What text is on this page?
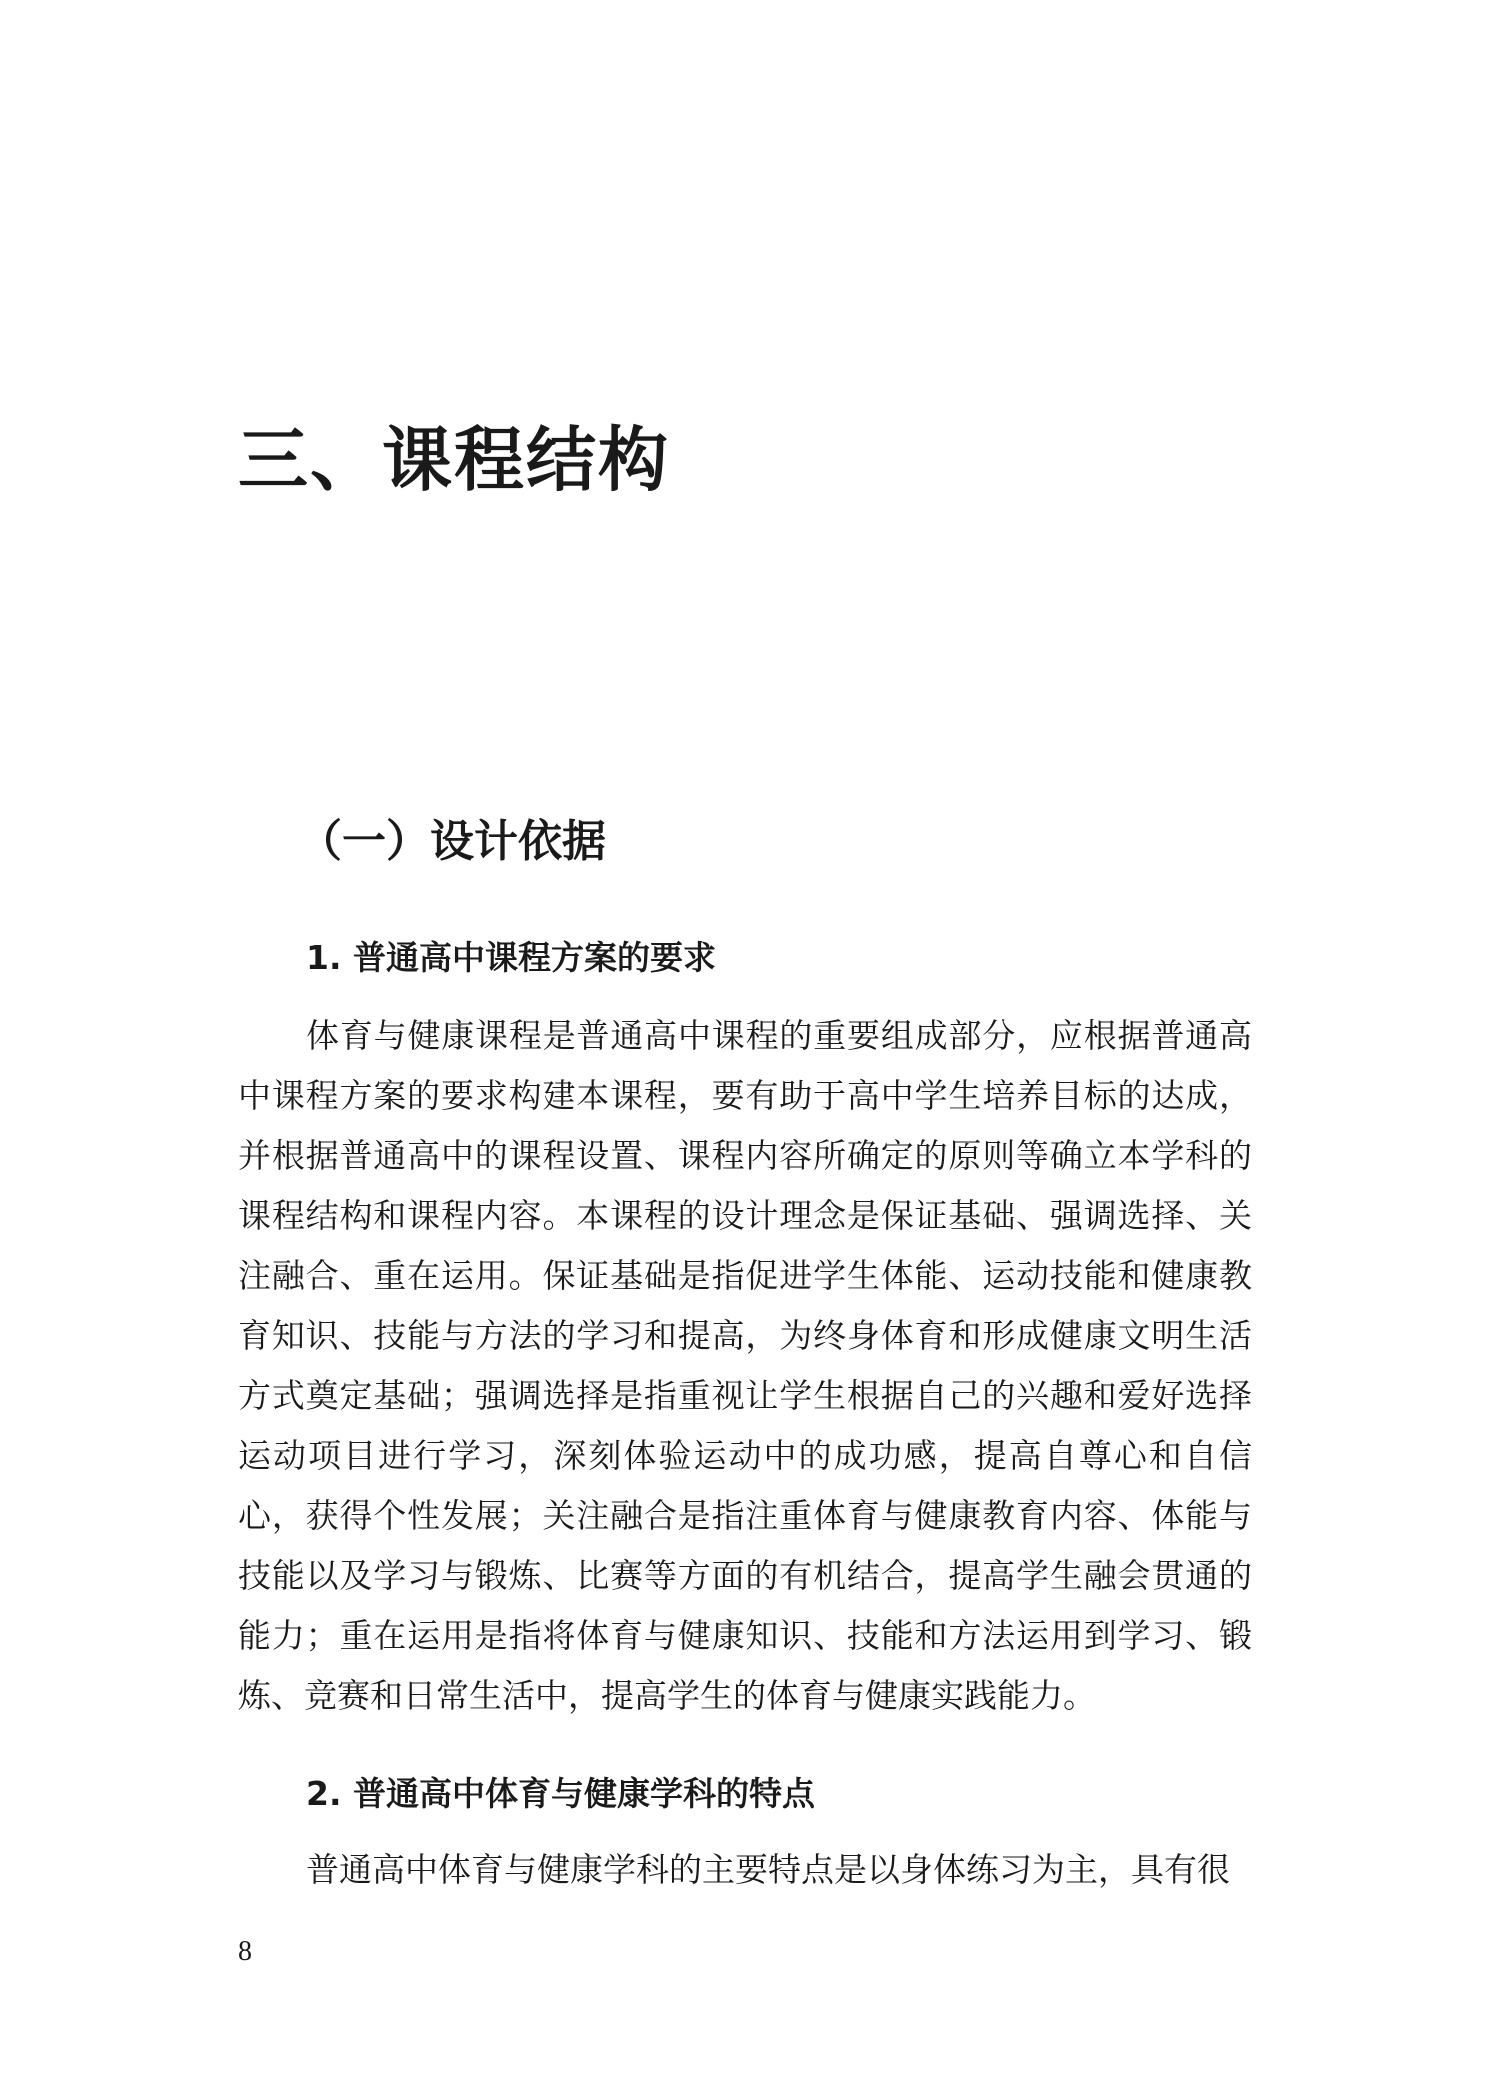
三、课程结构
（一）设计依据
1. 普通高中课程方案的要求

体育与健康课程是普通高中课程的重要组成部分，应根据普通高中课程方案的要求构建本课程，要有助于高中学生培养目标的达成，并根据普通高中的课程设置、课程内容所确定的原则等确立本学科的课程结构和课程内容。本课程的设计理念是保证基础、强调选择、关注融合、重在运用。保证基础是指促进学生体能、运动技能和健康教育知识、技能与方法的学习和提高，为终身体育和形成健康文明生活方式奠定基础；强调选择是指重视让学生根据自己的兴趣和爱好选择运动项目进行学习，深刻体验运动中的成功感，提高自尊心和自信心，获得个性发展；关注融合是指注重体育与健康教育内容、体能与技能以及学习与锻炼、比赛等方面的有机结合，提高学生融会贯通的能力；重在运用是指将体育与健康知识、技能和方法运用到学习、锻炼、竞赛和日常生活中，提高学生的体育与健康实践能力。

2. 普通高中体育与健康学科的特点

普通高中体育与健康学科的主要特点是以身体练习为主，具有很

8
